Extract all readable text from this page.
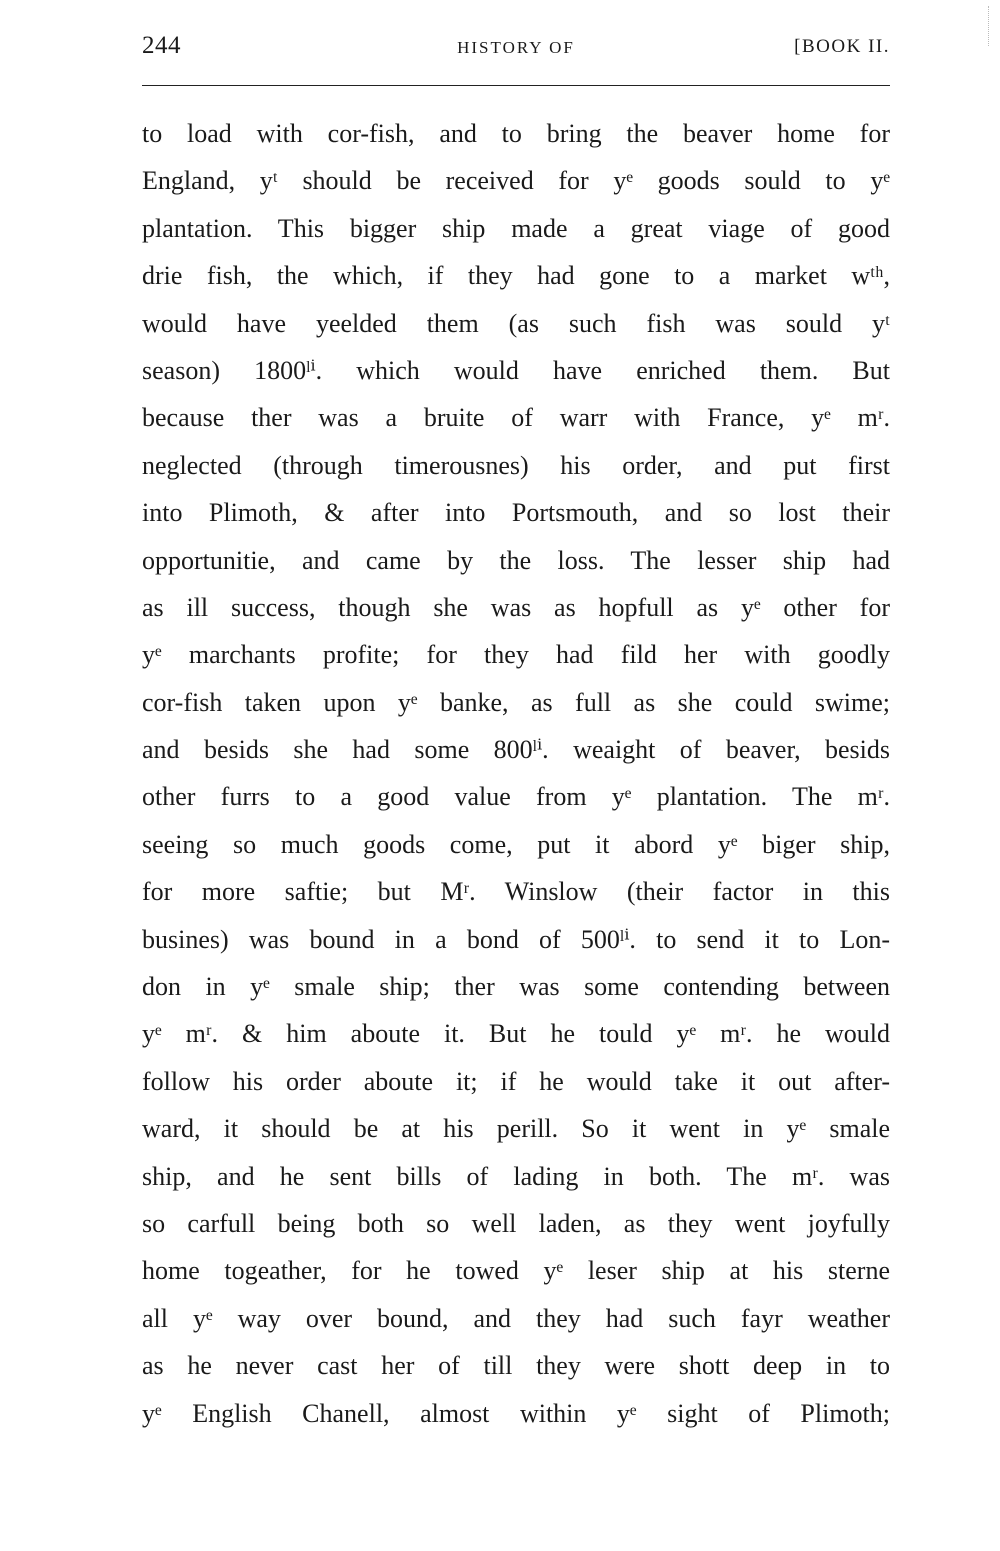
244	HISTORY OF	[BOOK II.
to load with cor-fish, and to bring the beaver home for
England, yᵗ should be received for yᵉ goods sould to yᵉ
plantation. This bigger ship made a great viage of good
drie fish, the which, if they had gone to a market wᵗʰ,
would have yeelded them (as such fish was sould yᵗ
season) 1800ˡⁱ. which would have enriched them. But
because ther was a bruite of warr with France, yᵉ mʳ.
neglected (through timerousnes) his order, and put first
into Plimoth, & after into Portsmouth, and so lost their
opportunitie, and came by the loss. The lesser ship had
as ill success, though she was as hopfull as yᵉ other for
yᵉ marchants profite; for they had fild her with goodly
cor-fish taken upon yᵉ banke, as full as she could swime;
and besids she had some 800ˡⁱ. weaight of beaver, besids
other furrs to a good value from yᵉ plantation. The mʳ.
seeing so much goods come, put it abord yᵉ biger ship,
for more saftie; but Mʳ. Winslow (their factor in this
busines) was bound in a bond of 500ˡⁱ. to send it to Lon-
don in yᵉ smale ship; ther was some contending between
yᵉ mʳ. & him aboute it. But he tould yᵉ mʳ. he would
follow his order aboute it; if he would take it out after-
ward, it should be at his perill. So it went in yᵉ smale
ship, and he sent bills of lading in both. The mʳ. was
so carfull being both so well laden, as they went joyfully
home togeather, for he towed yᵉ leser ship at his sterne
all yᵉ way over bound, and they had such fayr weather
as he never cast her of till they were shott deep in to
yᵉ English Chanell, almost within yᵉ sight of Plimoth;
